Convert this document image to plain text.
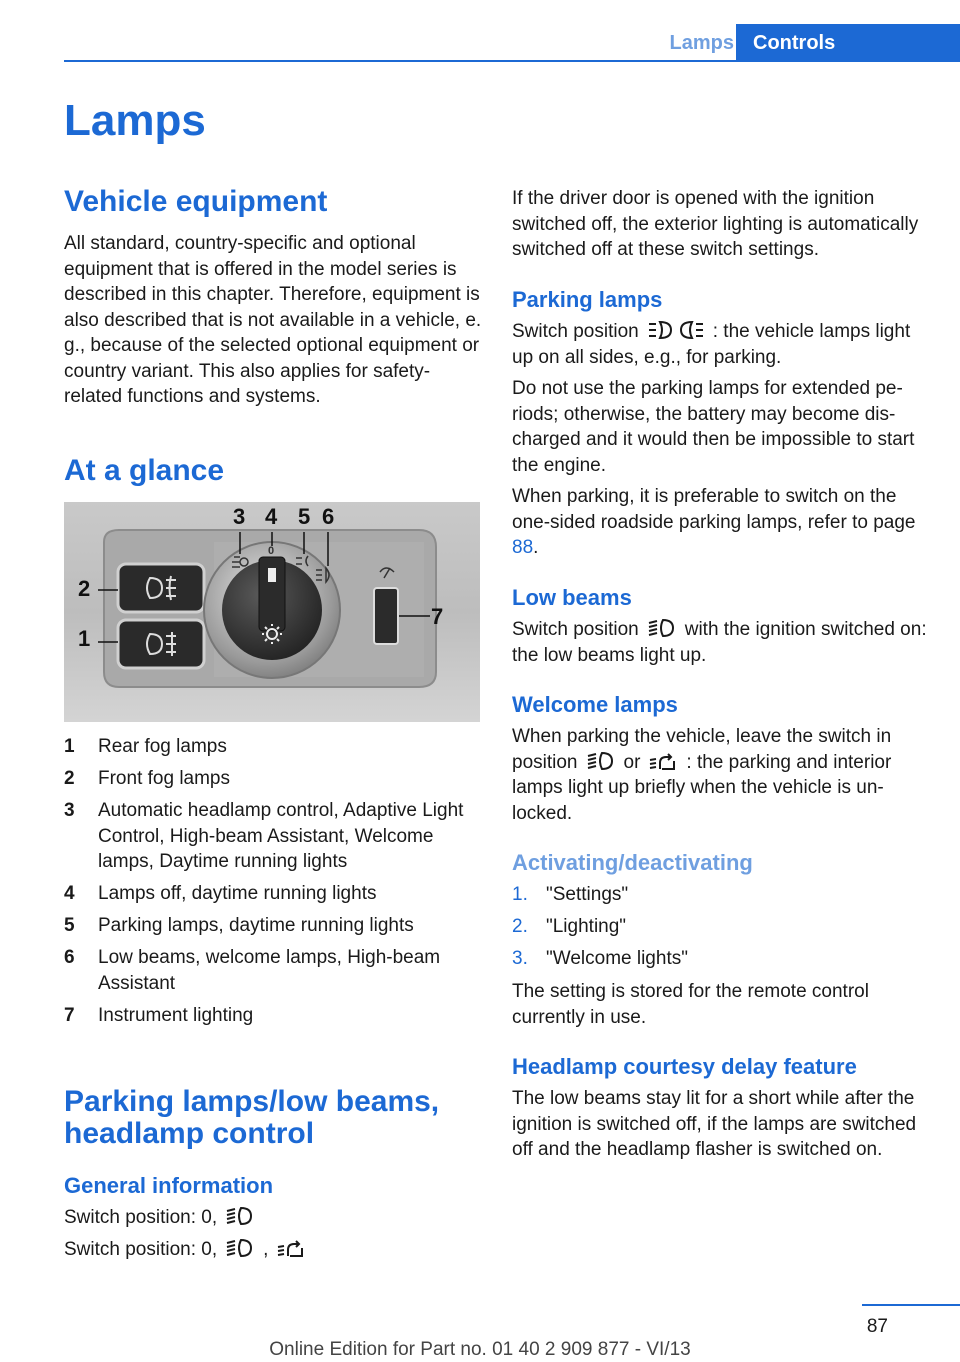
Lamps Controls
Lamps
Vehicle equipment

All standard, country-specific and optional equipment that is offered in the model series is described in this chapter. Therefore, equipment is also described that is not available in a vehicle, e. g., because of the selected optional equipment or country variant. This also applies for safety-related functions and systems.

At a glance
0
1
2
3 4 5 6
7
1 Rear fog lamps
2 Front fog lamps
3 Automatic headlamp control, Adaptive Light Control, High-beam Assistant, Welcome lamps, Daytime running lights
4 Lamps off, daytime running lights
5 Parking lamps, daytime running lights
6 Low beams, welcome lamps, High-beam Assistant
7 Instrument lighting
Parking lamps/low beams, headlamp control
General information

Switch position: 0,

Switch position: 0, ,

If the driver door is opened with the ignition switched off, the exterior lighting is automatically switched off at these switch settings.

Parking lamps

Switch position	: the vehicle lamps light up on all sides, e.g., for parking.

Do not use the parking lamps for extended periods; otherwise, the battery may become discharged and it would then be impossible to start the engine.

When parking, it is preferable to switch on the one-sided roadside parking lamps, refer to page 88.

Low beams

Switch position with the ignition switched on: the low beams light up.

Welcome lamps

When parking the vehicle, leave the switch in position or : the parking and interior lamps light up briefly when the vehicle is unlocked.

Activating/deactivating
1. "Settings"
2. "Lighting"
3. "Welcome lights"

The setting is stored for the remote control currently in use.

Headlamp courtesy delay feature

The low beams stay lit for a short while after the ignition is switched off, if the lamps are switched off and the headlamp flasher is switched on.

87
Online Edition for Part no. 01 40 2 909 877 - VI/13
